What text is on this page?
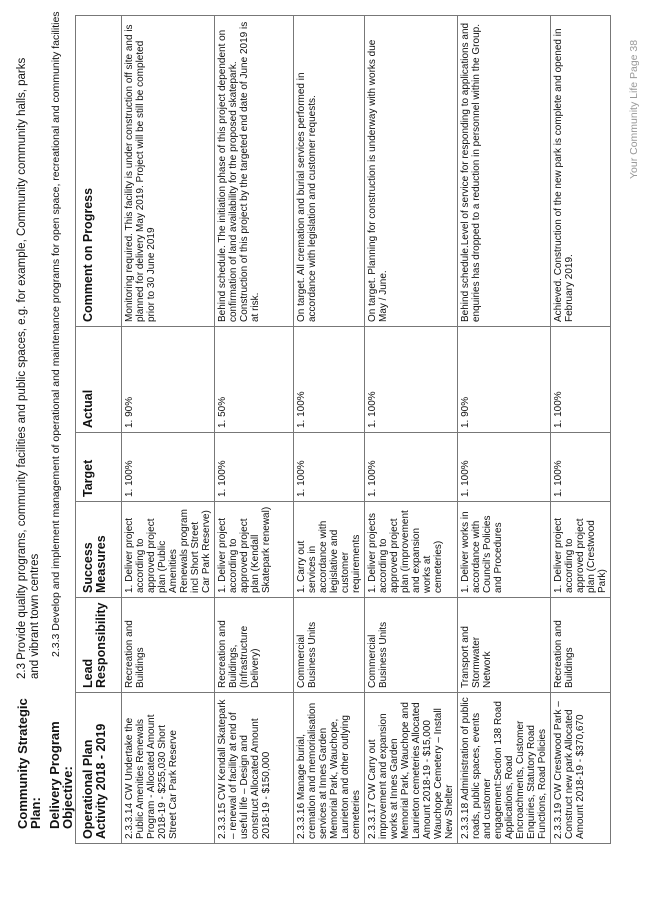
Community Strategic Plan:
2.3 Provide quality programs, community facilities and public spaces, e.g. for example, Community community halls, parks and vibrant town centres
Delivery Program Objective:
2.3.3 Develop and implement management of operational and maintenance programs for open space, recreational and community facilities
Operational Plan Activity 2018 - 2019	Lead Responsibility	Success Measures	Target	Actual	Comment on Progress
2.3.3.14 CW Undertake the Public Amenities Renewals Program - Allocated Amount 2018-19 - $255,030 Short Street Car Park Reserve	Recreation and Buildings	1. Deliver project according to approved project plan (Public Amenities Renewals program incl Short Street Car Park Reserve)	1. 100%	1. 90%	Monitoring required. This facility is under construction off site and is planned for delivery May 2019. Project will be still be completed prior to 30 June 2019
2.3.3.15 CW Kendall Skatepark – renewal of facility at end of useful life – Design and construct Allocated Amount 2018-19 - $150,000	Recreation and Buildings, (Infrastructure Delivery)	1. Deliver project according to approved project plan (Kendall Skatepark renewal)	1. 100%	1. 50%	Behind schedule. The initiation phase of this project dependent on confirmation of land availability for the proposed skatepark. Construction of this project by the targeted end date of June 2019 is at risk.
2.3.3.16 Manage burial, cremation and memorialisation services at Innes Garden Memorial Park, Wauchope, Laurieton and other outlying cemeteries	Commercial Business Units	1. Carry out services in accordance with legislative and customer requirements	1. 100%	1. 100%	On target. All cremation and burial services performed in accordance with legislation and customer requests.
2.3.3.17 CW Carry out improvement and expansion works at Innes Garden Memorial Park, Wauchope and Laurieton cemeteries Allocated Amount 2018-19 - $15,000 Wauchope Cemetery – Install New Shelter	Commercial Business Units	1. Deliver projects according to approved project plan (improvement and expansion works at cemeteries)	1. 100%	1. 100%	On target. Planning for construction is underway with works due May / June.
2.3.3.18 Administration of public roads, public spaces, events and customer engagement:Section 138 Road Applications, Road Encroachments, Customer Enquiries, Statutory Road Functions, Road Policies	Transport and Stormwater Network	1. Deliver works in accordance with Council's Policies and Procedures	1. 100%	1. 90%	Behind schedule.Level of service for responding to applications and enquiries has dropped to a reduction in personnel within the Group.
2.3.3.19 CW Crestwood Park – Construct new park Allocated Amount 2018-19 - $370,670	Recreation and Buildings	1. Deliver project according to approved project plan (Crestwood Park)	1. 100%	1. 100%	Achieved. Construction of the new park is complete and opened in February 2019.
Your Community Life Page 38
